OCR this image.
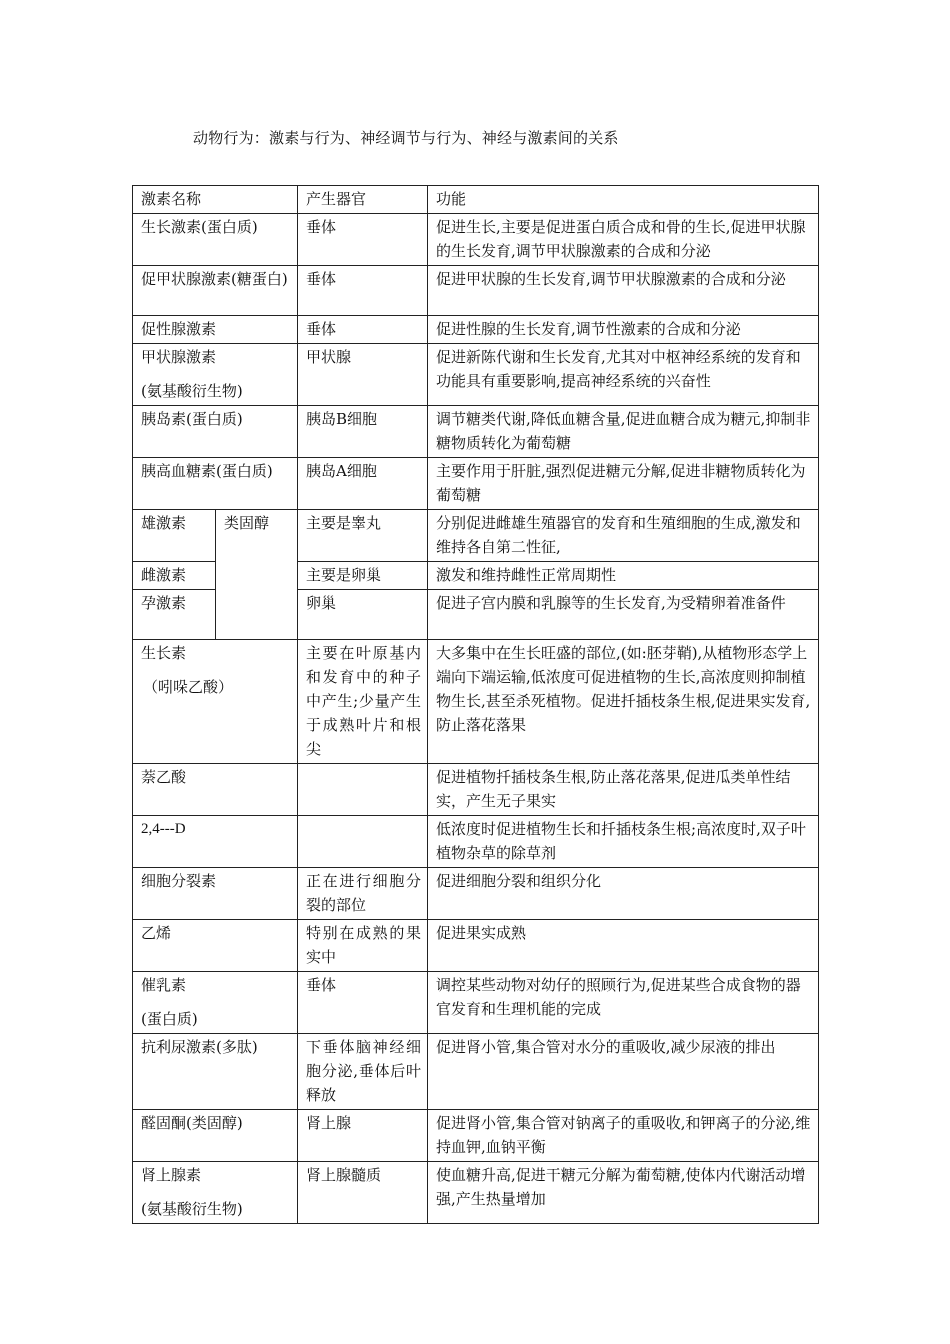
动物行为：激素与行为、神经调节与行为、神经与激素间的关系
激素名称		产生器官	功能
生长激素(蛋白质)		垂体	促进生长,主要是促进蛋白质合成和骨的生长,促进甲状腺的生长发育,调节甲状腺激素的合成和分泌
促甲状腺激素(糖蛋白)		垂体	促进甲状腺的生长发育,调节甲状腺激素的合成和分泌
促性腺激素		垂体	促进性腺的生长发育,调节性激素的合成和分泌
甲状腺激素
(氨基酸衍生物)		甲状腺	促进新陈代谢和生长发育,尤其对中枢神经系统的发育和功能具有重要影响,提高神经系统的兴奋性
胰岛素(蛋白质)		胰岛B细胞	调节糖类代谢,降低血糖含量,促进血糖合成为糖元,抑制非糖物质转化为葡萄糖
胰高血糖素(蛋白质)		胰岛A细胞	主要作用于肝脏,强烈促进糖元分解,促进非糖物质转化为葡萄糖
雄激素	类固醇	主要是睾丸	分别促进雌雄生殖器官的发育和生殖细胞的生成,激发和维持各自第二性征,
雌激素		主要是卵巢	激发和维持雌性正常周期性
孕激素		卵巢	促进子宫内膜和乳腺等的生长发育,为受精卵着准备件
生长素
（吲哚乙酸）		主要在叶原基内和发育中的种子中产生;少量产生于成熟叶片和根尖	大多集中在生长旺盛的部位,(如:胚芽鞘),从植物形态学上端向下端运输,低浓度可促进植物的生长,高浓度则抑制植物生长,甚至杀死植物。促进扦插枝条生根,促进果实发育,防止落花落果
萘乙酸			促进植物扦插枝条生根,防止落花落果,促进瓜类单性结实，产生无子果实
2,4---D			低浓度时促进植物生长和扦插枝条生根;高浓度时,双子叶植物杂草的除草剂
细胞分裂素		正在进行细胞分裂的部位	促进细胞分裂和组织分化
乙烯		特别在成熟的果实中	促进果实成熟
催乳素
(蛋白质)		垂体	调控某些动物对幼仔的照顾行为,促进某些合成食物的器官发育和生理机能的完成
抗利尿激素(多肽)		下垂体脑神经细胞分泌,垂体后叶释放	促进肾小管,集合管对水分的重吸收,减少尿液的排出
醛固酮(类固醇)		肾上腺	促进肾小管,集合管对钠离子的重吸收,和钾离子的分泌,维持血钾,血钠平衡
肾上腺素
(氨基酸衍生物)		肾上腺髓质	使血糖升高,促进干糖元分解为葡萄糖,使体内代谢活动增强,产生热量增加
